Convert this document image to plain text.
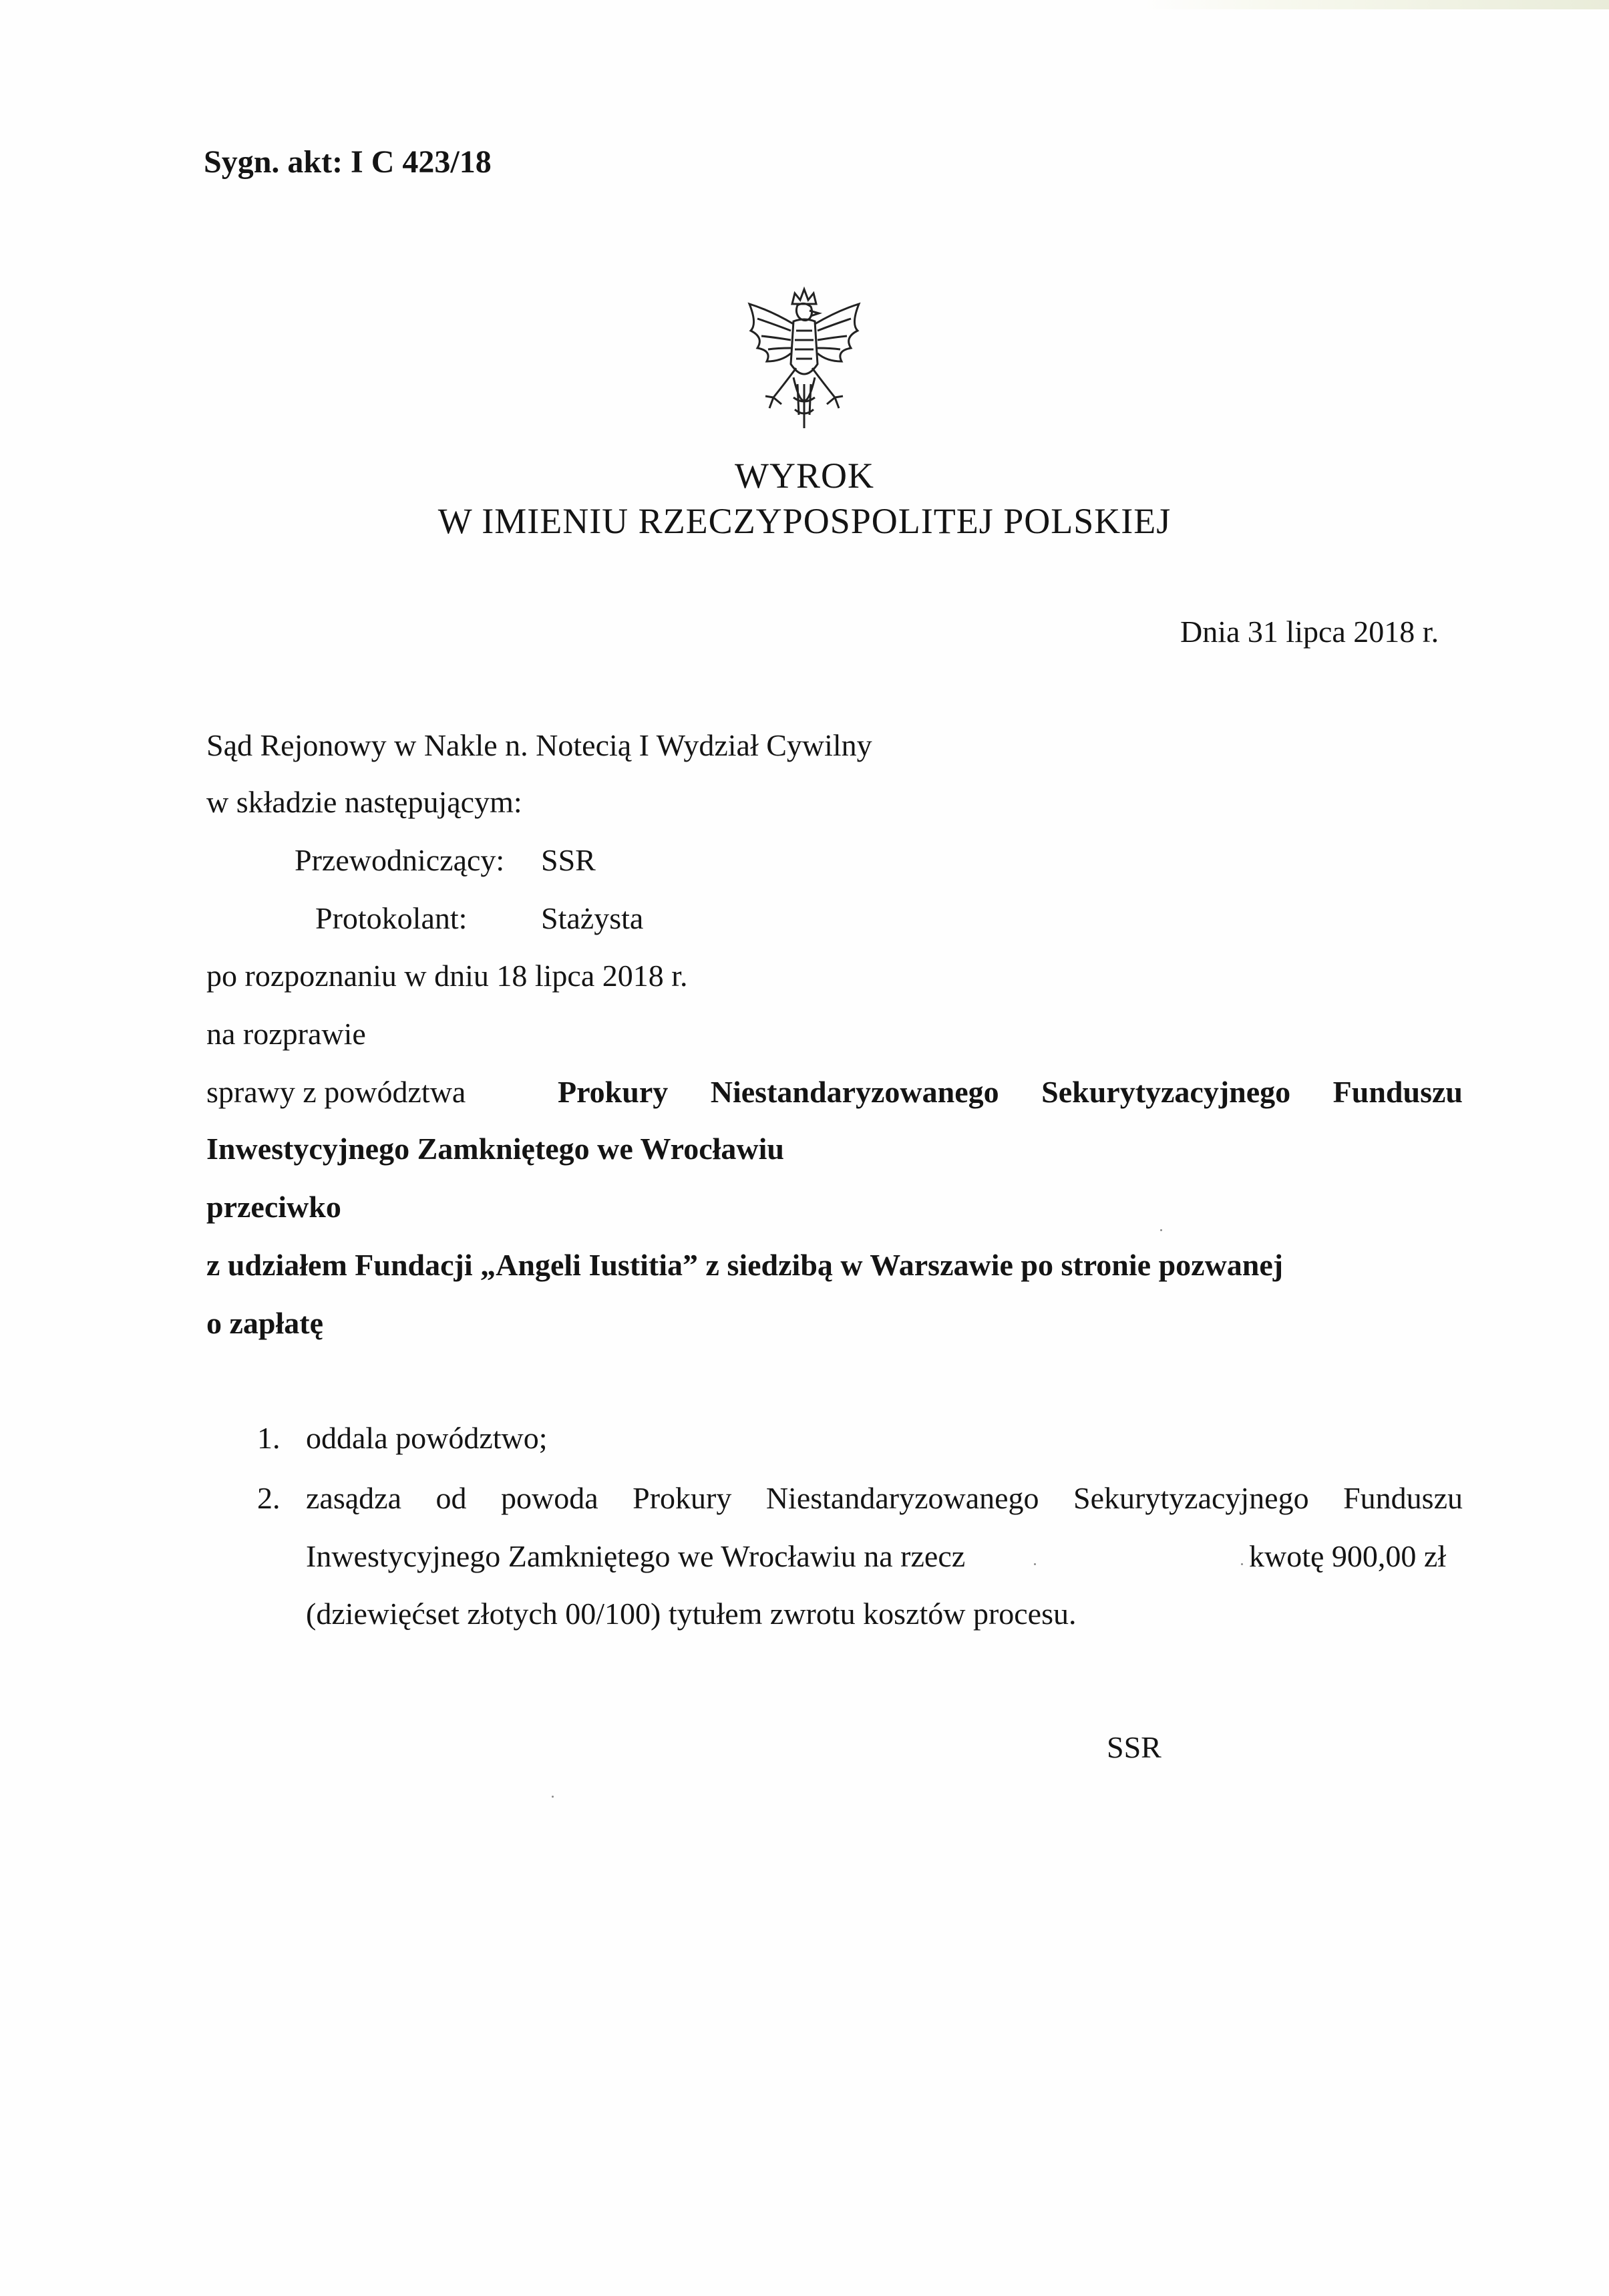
Sygn. akt: I C 423/18
WYROK
W IMIENIU RZECZYPOSPOLITEJ POLSKIEJ
Dnia 31 lipca 2018 r.
Sąd Rejonowy w Nakle n. Notecią I Wydział Cywilny
w składzie następującym:
Przewodniczący: SSR
Protokolant: Stażysta
po rozpoznaniu w dniu 18 lipca 2018 r.
na rozprawie
sprawy z powództwa	Prokury Niestandaryzowanego Sekurytyzacyjnego Funduszu
Inwestycyjnego Zamkniętego we Wrocławiu
przeciwko
z udziałem Fundacji „Angeli Iustitia” z siedzibą w Warszawie po stronie pozwanej
o zapłatę
1. oddala powództwo;
2. zasądza od powoda Prokury Niestandaryzowanego Sekurytyzacyjnego Funduszu
Inwestycyjnego Zamkniętego we Wrocławiu na rzecz	kwotę 900,00 zł
(dziewięćset złotych 00/100) tytułem zwrotu kosztów procesu.
SSR
